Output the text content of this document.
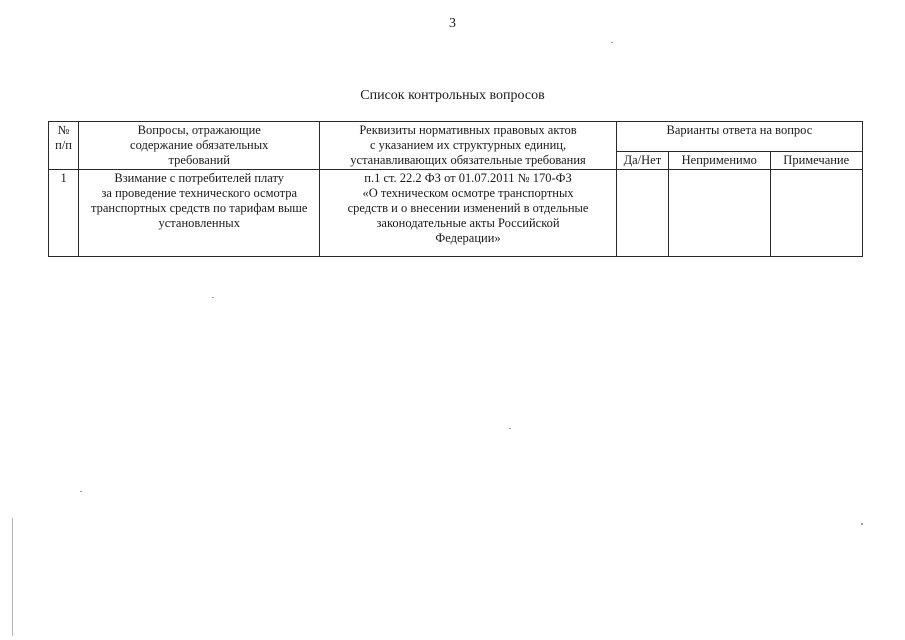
3
Список контрольных вопросов
№
п/п	Вопросы, отражающие
содержание обязательных
требований	Реквизиты нормативных правовых актов
с указанием их структурных единиц,
устанавливающих обязательные требования	Варианты ответа на вопрос		
			Да/Нет	Неприменимо	Примечание
1	Взимание с потребителей плату
за проведение технического осмотра
транспортных средств по тарифам выше
установленных	п.1 ст. 22.2 ФЗ от 01.07.2011 № 170-ФЗ
«О техническом осмотре транспортных
средств и о внесении изменений в отдельные
законодательные акты Российской
Федерации»			
